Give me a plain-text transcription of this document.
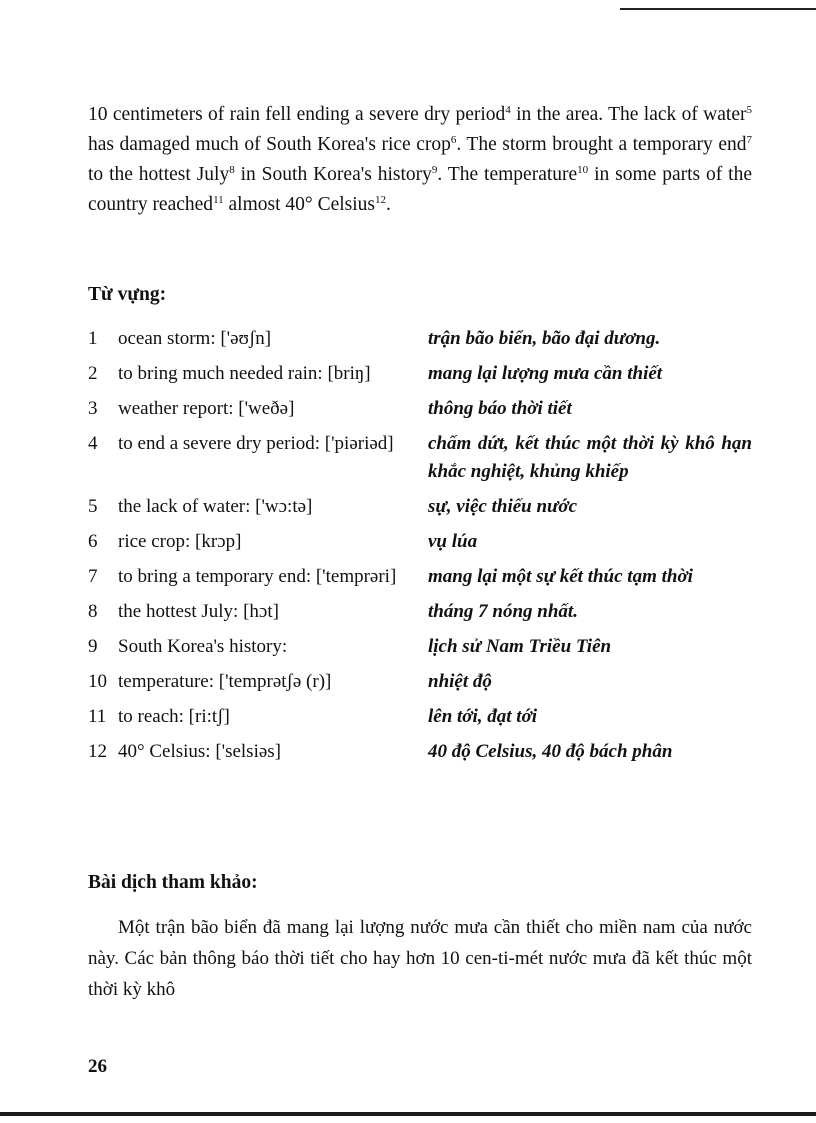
10 centimeters of rain fell ending a severe dry period$^4$ in the area. The lack of water$^5$ has damaged much of South Korea's rice crop$^6$. The storm brought a temporary end$^7$ to the hottest July$^8$ in South Korea's history$^9$. The temperature$^{10}$ in some parts of the country reached$^{11}$ almost 40° Celsius$^{12}$.

Từ vựng:
1	ocean storm: ['əʊʃn]	trận bão biển, bão đại dương.
2	to bring much needed rain: [briŋ]	mang lại lượng mưa cần thiết
3	weather report: ['weðə]	thông báo thời tiết
4	to end a severe dry period: ['piəriəd]	chấm dứt, kết thúc một thời kỳ khô hạn khắc nghiệt, khủng khiếp
5	the lack of water: ['wɔ:tə]	sự, việc thiếu nước
6	rice crop: [krɔp]	vụ lúa
7	to bring a temporary end: ['temprəri]	mang lại một sự kết thúc tạm thời
8	the hottest July: [hɔt]	tháng 7 nóng nhất.
9	South Korea's history:	lịch sử Nam Triều Tiên
10 temperature: ['temprətʃə (r)]	nhiệt độ
11 to reach: [ri:tʃ]	lên tới, đạt tới
12 40° Celsius: ['selsiəs]	40 độ Celsius, 40 độ bách phân
Bài dịch tham khảo:

Một trận bão biển đã mang lại lượng nước mưa cần thiết cho miền nam của nước này. Các bản thông báo thời tiết cho hay hơn 10 cen-ti-mét nước mưa đã kết thúc một thời kỳ khô

26
